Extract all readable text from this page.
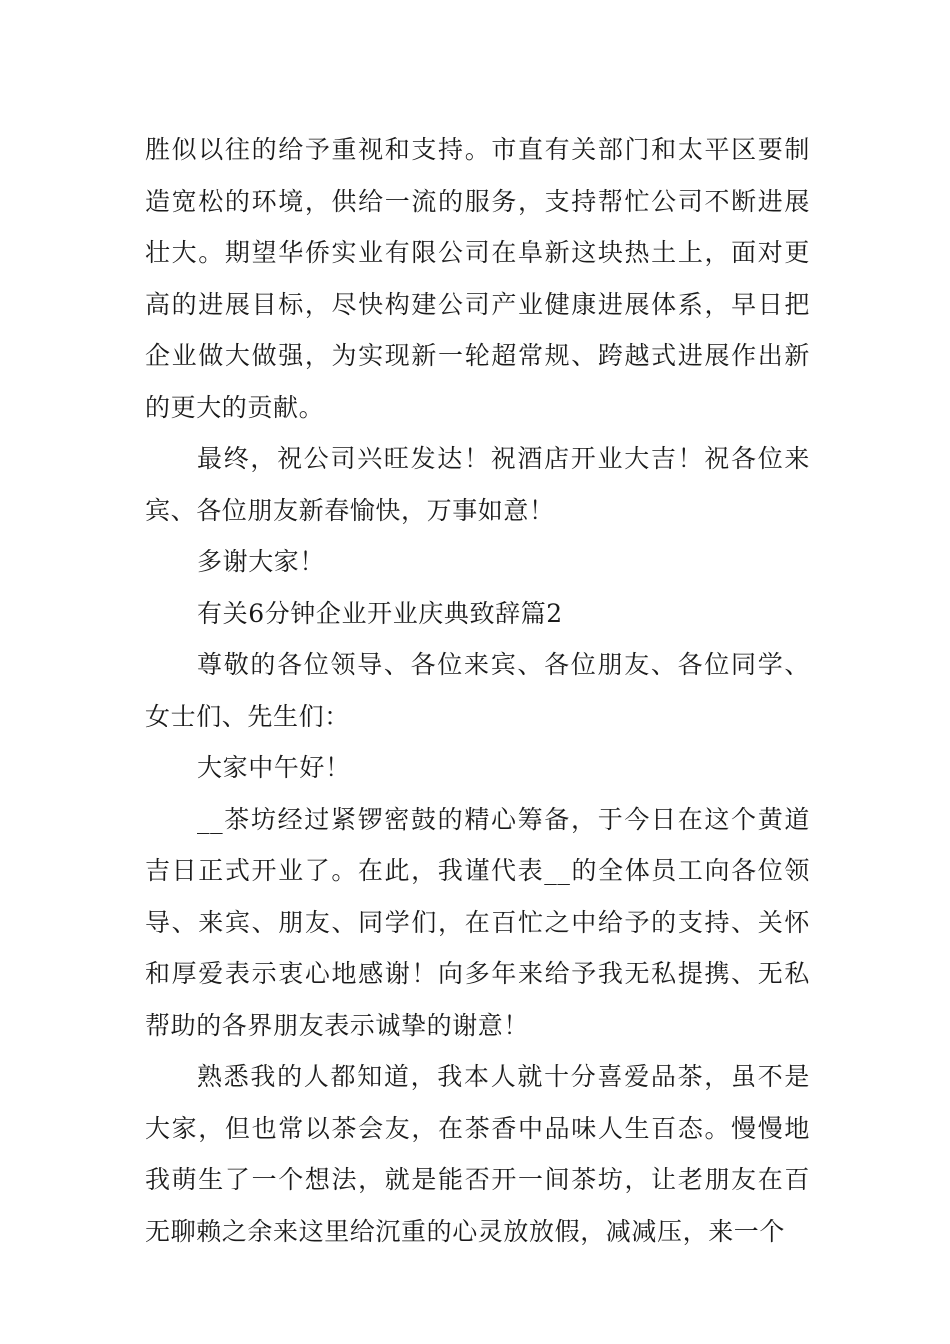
胜似以往的给予重视和支持。市直有关部门和太平区要制造宽松的环境，供给一流的服务，支持帮忙公司不断进展壮大。期望华侨实业有限公司在阜新这块热土上，面对更高的进展目标，尽快构建公司产业健康进展体系，早日把企业做大做强，为实现新一轮超常规、跨越式进展作出新的更大的贡献。

最终，祝公司兴旺发达！祝酒店开业大吉！祝各位来宾、各位朋友新春愉快，万事如意！

多谢大家！

有关6分钟企业开业庆典致辞篇2

尊敬的各位领导、各位来宾、各位朋友、各位同学、女士们、先生们：

大家中午好！

__茶坊经过紧锣密鼓的精心筹备，于今日在这个黄道吉日正式开业了。在此，我谨代表__的全体员工向各位领导、来宾、朋友、同学们，在百忙之中给予的支持、关怀和厚爱表示衷心地感谢！向多年来给予我无私提携、无私帮助的各界朋友表示诚挚的谢意！

熟悉我的人都知道，我本人就十分喜爱品茶，虽不是大家，但也常以茶会友，在茶香中品味人生百态。慢慢地我萌生了一个想法，就是能否开一间茶坊，让老朋友在百无聊赖之余来这里给沉重的心灵放放假，减减压，来一个
